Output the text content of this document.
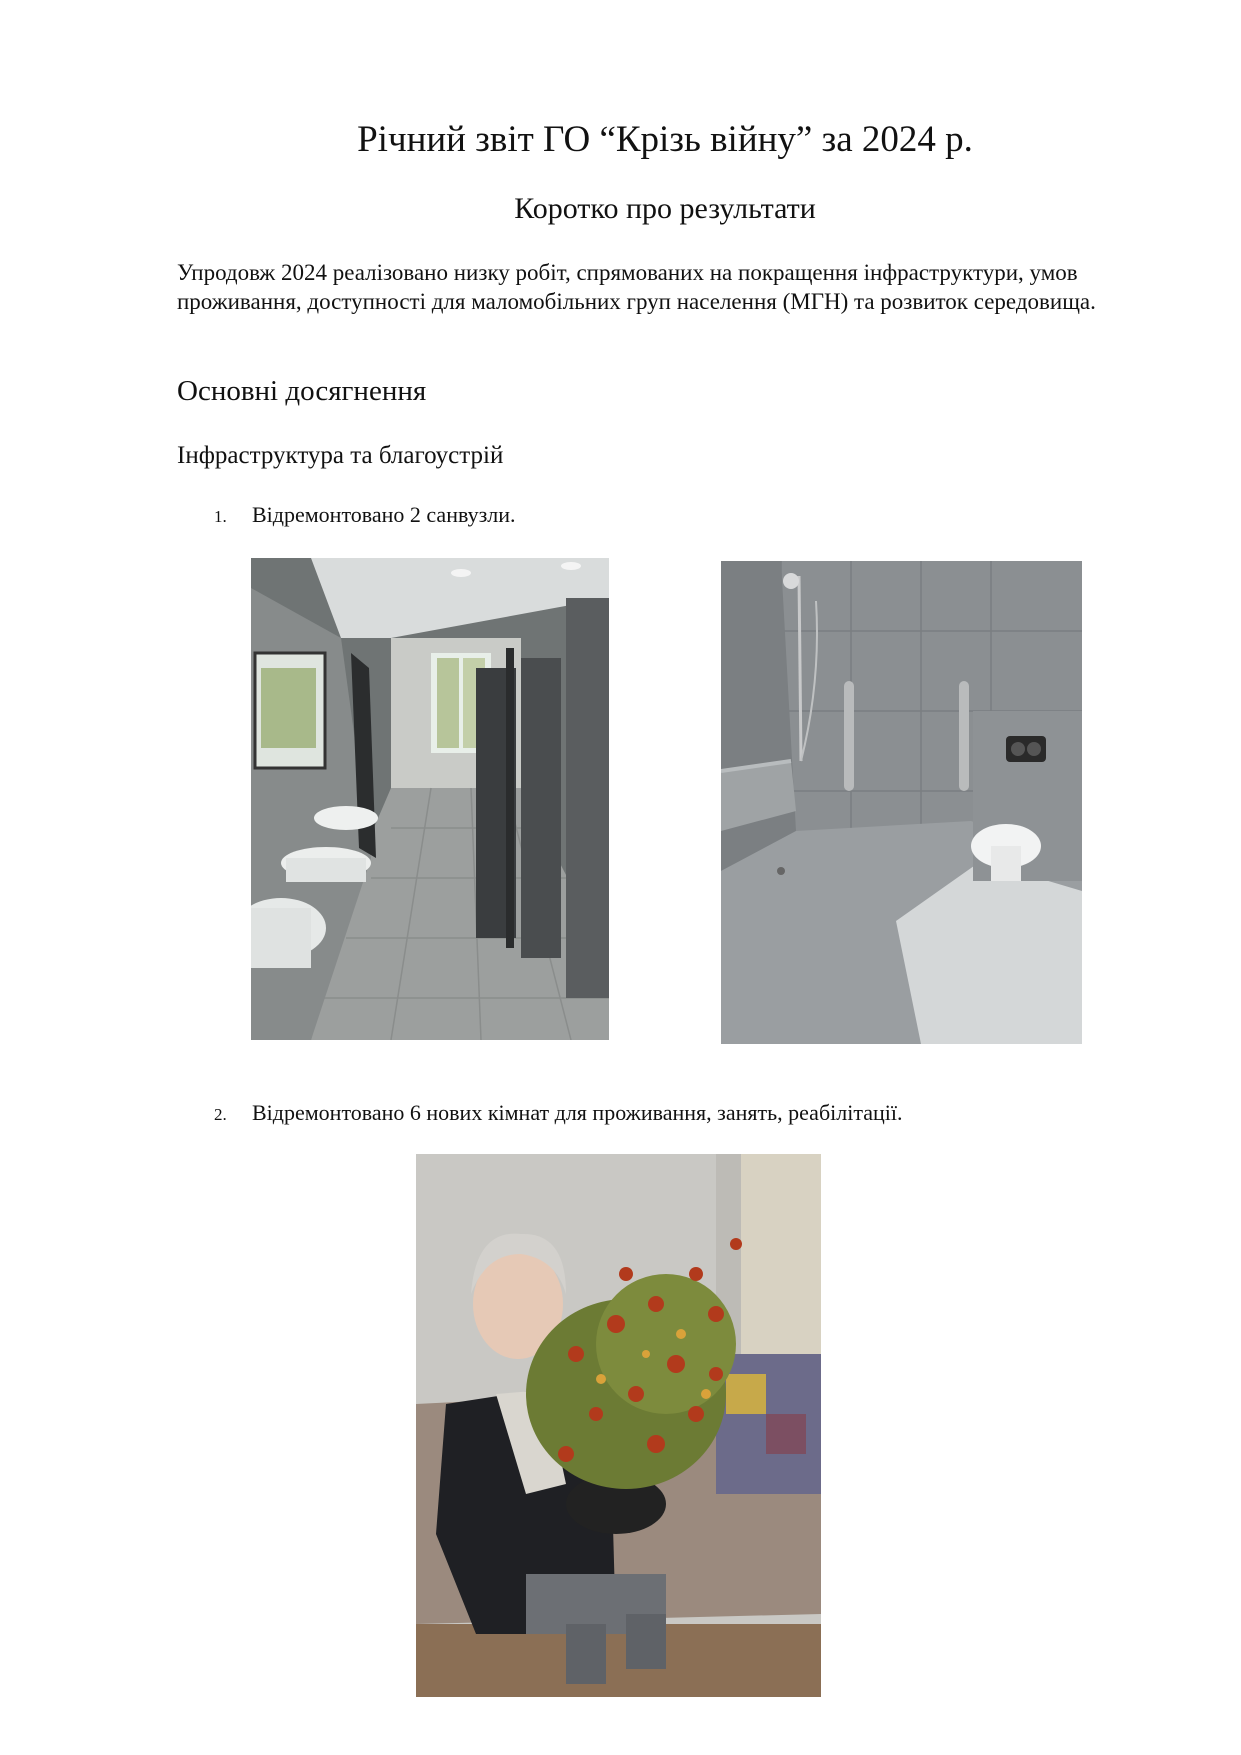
Річний звіт ГО “Крізь війну” за 2024 р.
Коротко про результати

Упродовж 2024 реалізовано низку робіт, спрямованих на покращення інфраструктури, умов проживання, доступності для маломобільних груп населення (МГН) та розвиток середовища.

Основні досягнення
Інфраструктура та благоустрій

1. Відремонтовано 2 санвузли.

2. Відремонтовано 6 нових кімнат для проживання, занять, реабілітації.
